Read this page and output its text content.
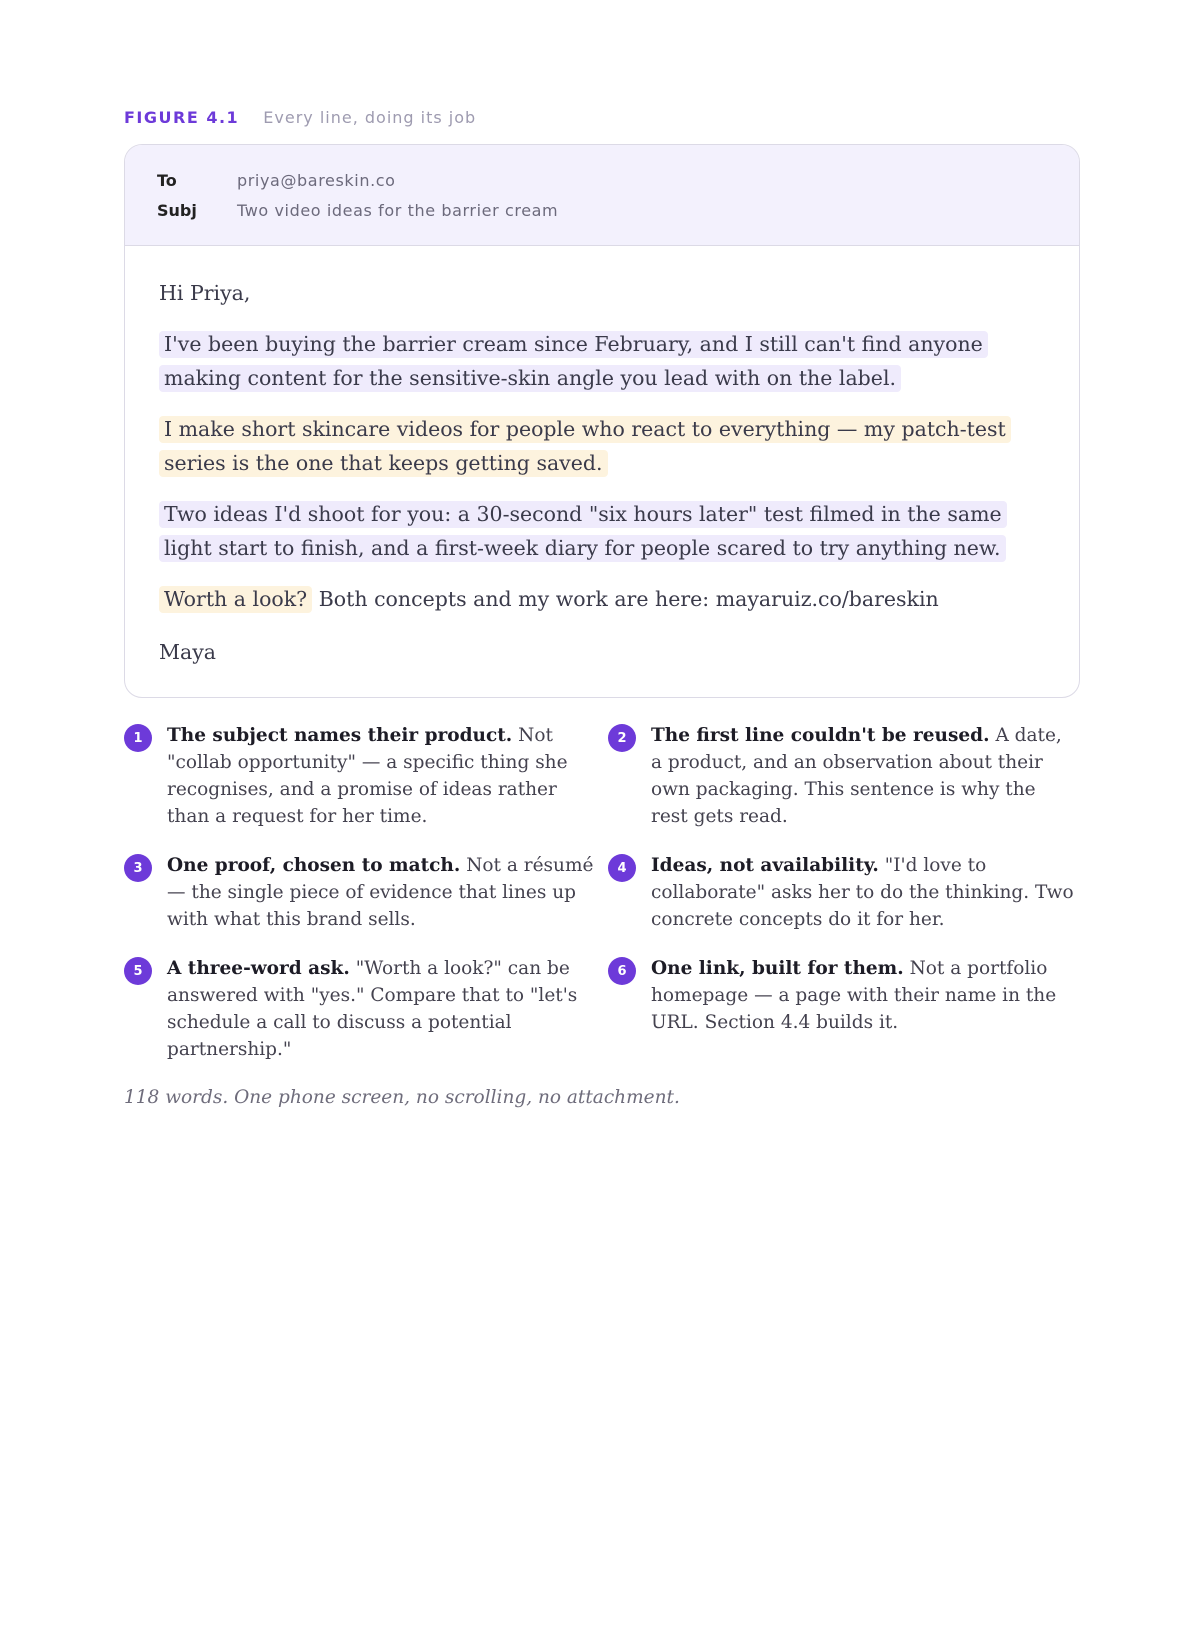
FIGURE 4.1 Every line, doing its job
To	priya@bareskin.co
Subj	Two video ideas for the barrier cream

Hi Priya,

I've been buying the barrier cream since February, and I still can't find anyone making content for the sensitive-skin angle you lead with on the label.

I make short skincare videos for people who react to everything — my patch-test series is the one that keeps getting saved.

Two ideas I'd shoot for you: a 30-second "six hours later" test filmed in the same light start to finish, and a first-week diary for people scared to try anything new.

Worth a look? Both concepts and my work are here: mayaruiz.co/bareskin

Maya

1	The subject names their product. Not "collab opportunity" — a specific thing she recognises, and a promise of ideas rather than a request for her time.
2	The first line couldn't be reused. A date, a product, and an observation about their own packaging. This sentence is why the rest gets read.
3	One proof, chosen to match. Not a résumé — the single piece of evidence that lines up with what this brand sells.
4	Ideas, not availability. "I'd love to collaborate" asks her to do the thinking. Two concrete concepts do it for her.
5	A three-word ask. "Worth a look?" can be answered with "yes." Compare that to "let's schedule a call to discuss a potential partnership."
6	One link, built for them. Not a portfolio homepage — a page with their name in the URL. Section 4.4 builds it.
118 words. One phone screen, no scrolling, no attachment.
